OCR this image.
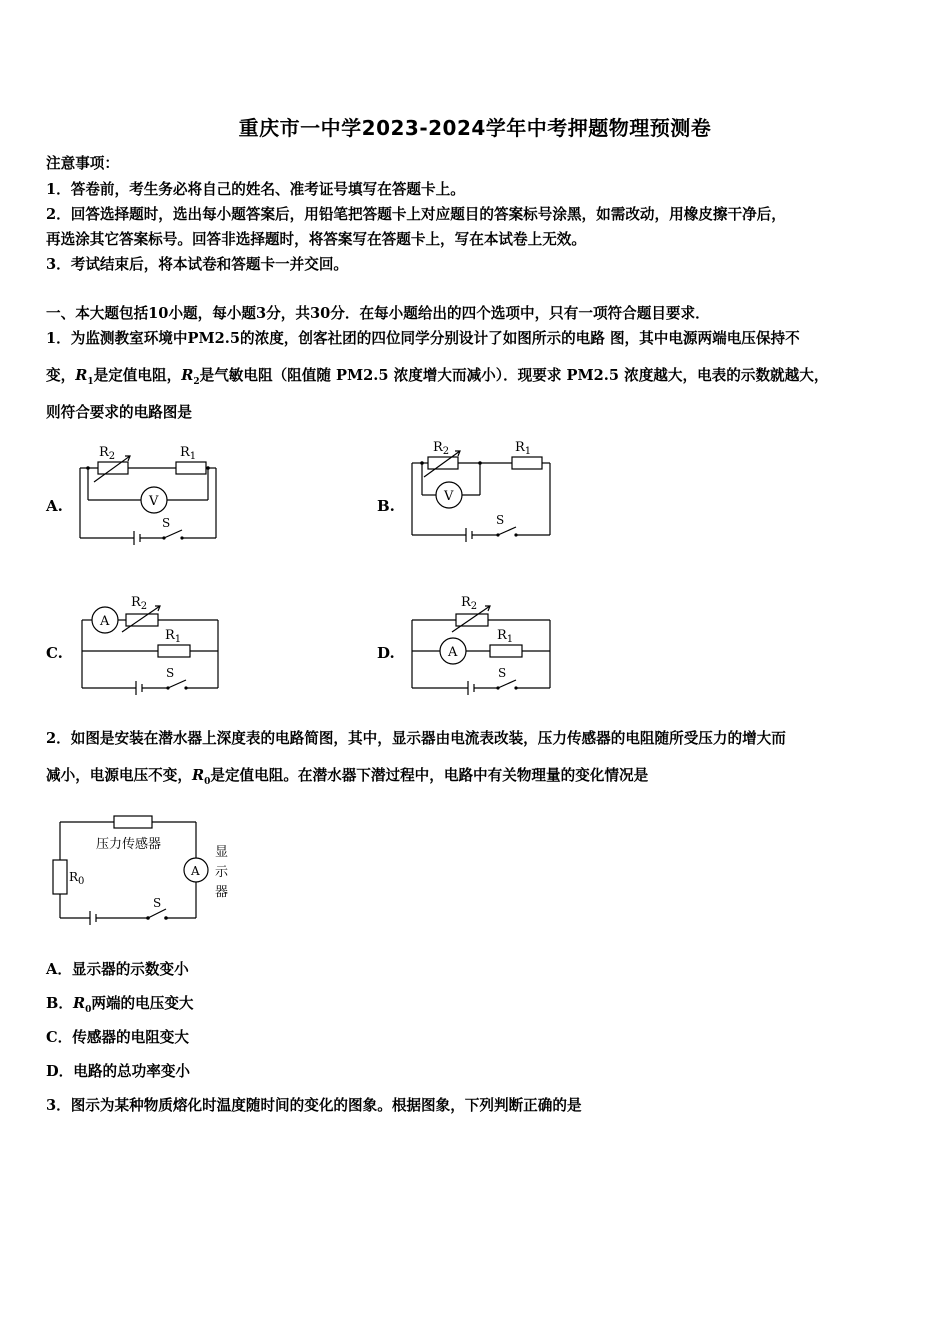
重庆市一中学2023-2024学年中考押题物理预测卷
注意事项：
1．答卷前，考生务必将自己的姓名、准考证号填写在答题卡上。
2．回答选择题时，选出每小题答案后，用铅笔把答题卡上对应题目的答案标号涂黑，如需改动，用橡皮擦干净后，
再选涂其它答案标号。回答非选择题时，将答案写在答题卡上，写在本试卷上无效。
3．考试结束后，将本试卷和答题卡一并交回。
一、本大题包括10小题，每小题3分，共30分．在每小题给出的四个选项中，只有一项符合题目要求．
1．为监测教室环境中PM2.5的浓度，创客社团的四位同学分别设计了如图所示的电路 图，其中电源两端电压保持不
变，$R_1$是定值电阻，$R_2$是气敏电阻（阻值随 PM2.5 浓度增大而减小）．现要求 PM2.5 浓度越大，电表的示数就越大，
则符合要求的电路图是
A.	B.
C.	D.
$R_2$	$R_1$
V
S
$R_2$	$R_1$
V
S
A
$R_2$
$R_1$
S
$R_2$
A
$R_1$
S
2．如图是安装在潜水器上深度表的电路简图，其中，显示器由电流表改装，压力传感器的电阻随所受压力的增大而
减小，电源电压不变，$R_0$是定值电阻。在潜水器下潜过程中，电路中有关物理量的变化情况是
压力传感器
$R_0$
A
显
示
器
S
A．显示器的示数变小
B．$R_0$两端的电压变大
C．传感器的电阻变大
D．电路的总功率变小
3．图示为某种物质熔化时温度随时间的变化的图象。根据图象，下列判断正确的是
